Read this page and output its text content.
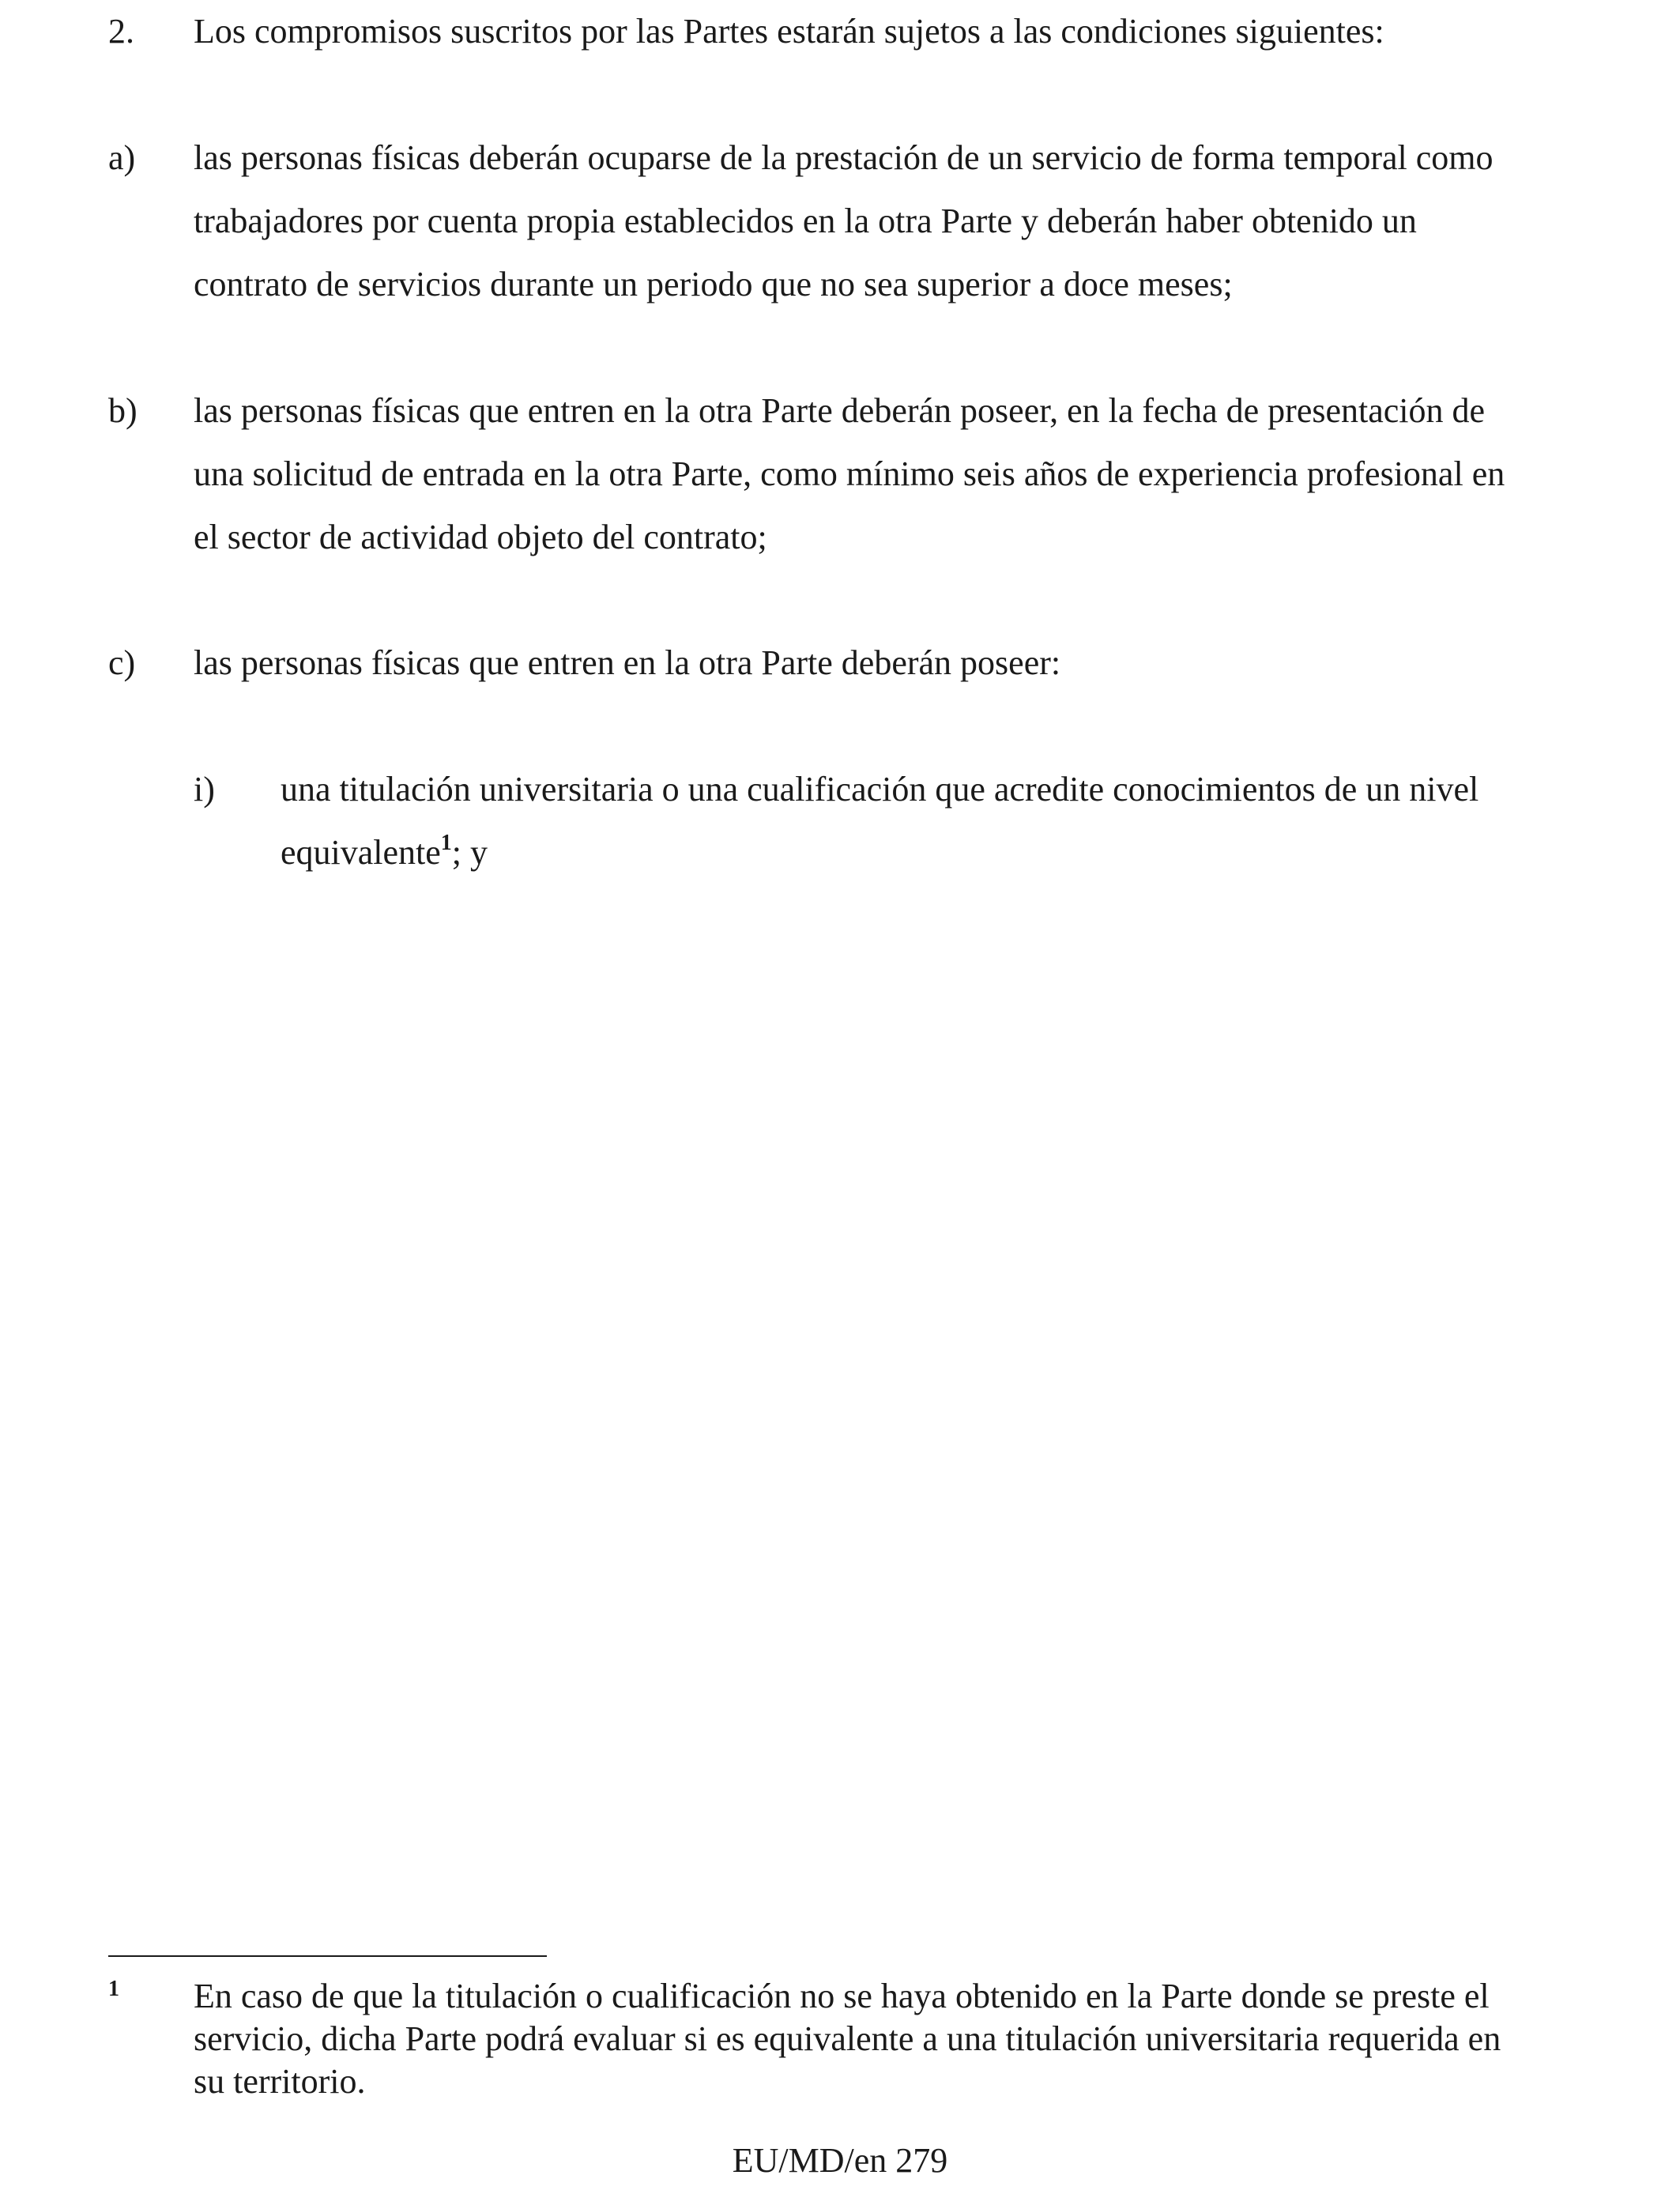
2. Los compromisos suscritos por las Partes estarán sujetos a las condiciones siguientes:
a) las personas físicas deberán ocuparse de la prestación de un servicio de forma temporal como
trabajadores por cuenta propia establecidos en la otra Parte y deberán haber obtenido un
contrato de servicios durante un periodo que no sea superior a doce meses;
b) las personas físicas que entren en la otra Parte deberán poseer, en la fecha de presentación de
una solicitud de entrada en la otra Parte, como mínimo seis años de experiencia profesional en
el sector de actividad objeto del contrato;
c) las personas físicas que entren en la otra Parte deberán poseer:
i) una titulación universitaria o una cualificación que acredite conocimientos de un nivel
equivalente$^1$; y
1 En caso de que la titulación o cualificación no se haya obtenido en la Parte donde se preste el
servicio, dicha Parte podrá evaluar si es equivalente a una titulación universitaria requerida en
su territorio.
EU/MD/en 279
